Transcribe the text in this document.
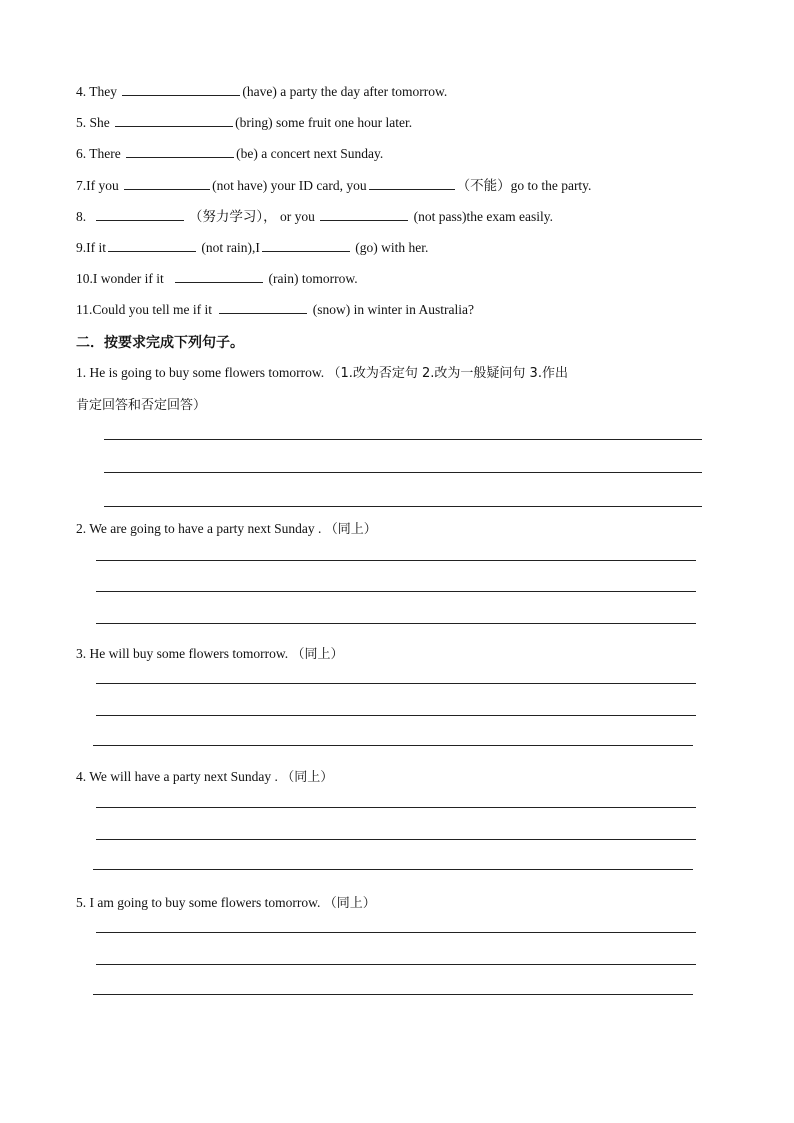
4. They	(have) a party the day after tomorrow.
5. She	(bring) some fruit one hour later.
6. There	(be) a concert next Sunday.
7.If you	(not have) your ID card, you	（不能）go to the party.
8.	（努力学习）， or you	(not pass)the exam easily.
9.If it	(not rain),I	(go) with her.
10.I wonder if it	(rain) tomorrow.
11.Could you tell me if it	(snow) in winter in Australia?
二．按要求完成下列句子。
1. He is going to buy some flowers tomorrow. （1.改为否定句 2.改为一般疑问句 3.作出
肯定回答和否定回答）
2. We are going to have a party next Sunday . （同上）
3. He will buy some flowers tomorrow. （同上）
4. We will have a party next Sunday . （同上）
5. I am going to buy some flowers tomorrow. （同上）
